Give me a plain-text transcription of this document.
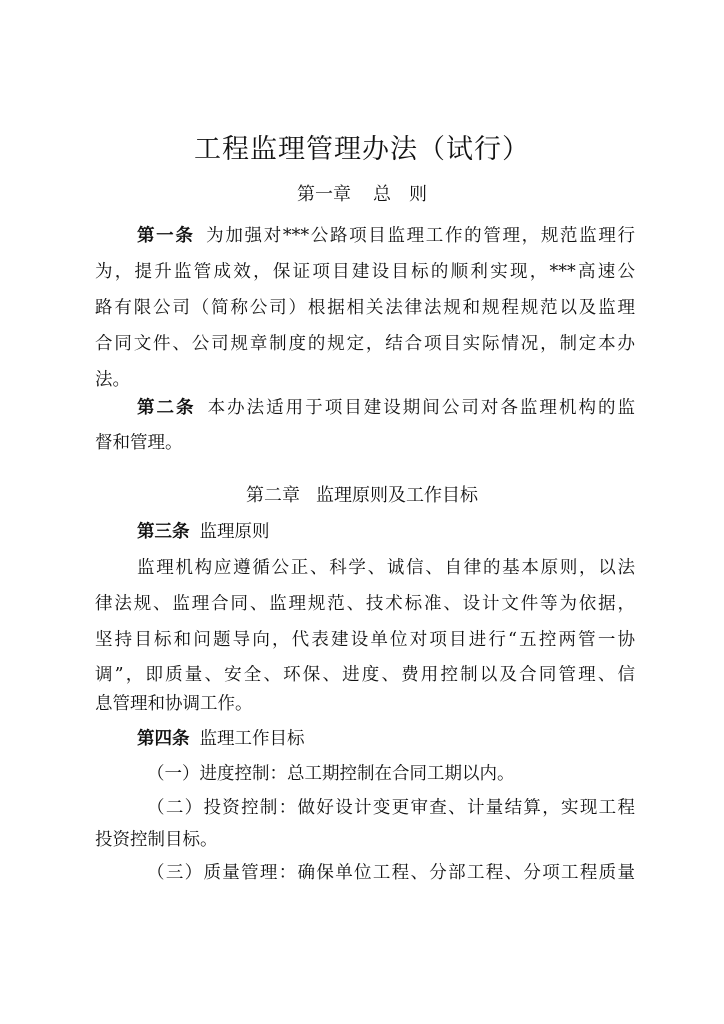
工程监理管理办法（试行）
第一章 总　则
第一条 为加强对***公路项目监理工作的管理，规范监理行
为，提升监管成效，保证项目建设目标的顺利实现，***高速公
路有限公司（简称公司）根据相关法律法规和规程规范以及监理
合同文件、公司规章制度的规定，结合项目实际情况，制定本办
法。
第二条 本办法适用于项目建设期间公司对各监理机构的监
督和管理。
第二章 监理原则及工作目标
第三条 监理原则
监理机构应遵循公正、科学、诚信、自律的基本原则，以法
律法规、监理合同、监理规范、技术标准、设计文件等为依据，
坚持目标和问题导向，代表建设单位对项目进行“五控两管一协
调”，即质量、安全、环保、进度、费用控制以及合同管理、信
息管理和协调工作。
第四条 监理工作目标
（一）进度控制：总工期控制在合同工期以内。
（二）投资控制：做好设计变更审查、计量结算，实现工程
投资控制目标。
（三）质量管理：确保单位工程、分部工程、分项工程质量
